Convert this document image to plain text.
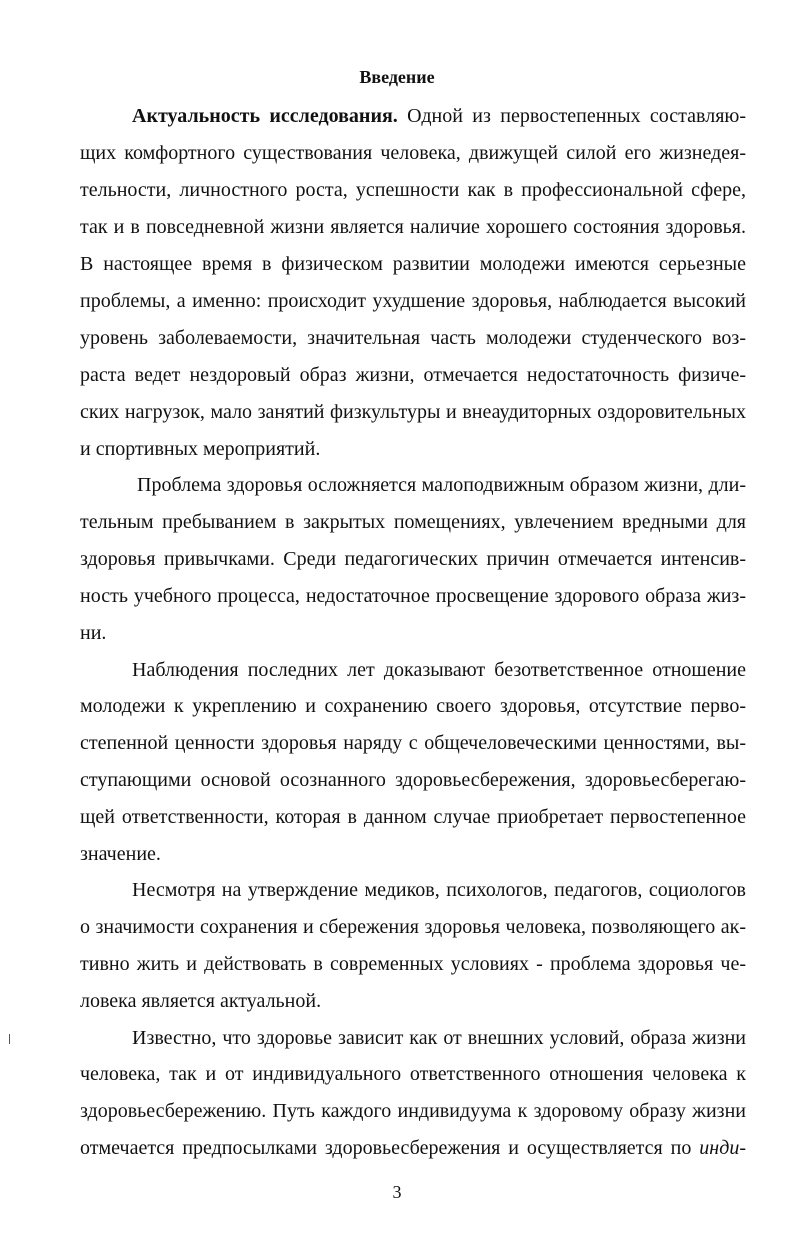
Введение
Актуальность исследования. Одной из первостепенных составляю-
щих комфортного существования человека, движущей силой его жизнедея-
тельности, личностного роста, успешности как в профессиональной сфере,
так и в повседневной жизни является наличие хорошего состояния здоровья.
В настоящее время в физическом развитии молодежи имеются серьезные
проблемы, а именно: происходит ухудшение здоровья, наблюдается высокий
уровень заболеваемости, значительная часть молодежи студенческого воз-
раста ведет нездоровый образ жизни, отмечается недостаточность физиче-
ских нагрузок, мало занятий физкультуры и внеаудиторных оздоровительных
и спортивных мероприятий.
Проблема здоровья осложняется малоподвижным образом жизни, дли-
тельным пребыванием в закрытых помещениях, увлечением вредными для
здоровья привычками. Среди педагогических причин отмечается интенсив-
ность учебного процесса, недостаточное просвещение здорового образа жиз-
ни.
Наблюдения последних лет доказывают безответственное отношение
молодежи к укреплению и сохранению своего здоровья, отсутствие перво-
степенной ценности здоровья наряду с общечеловеческими ценностями, вы-
ступающими основой осознанного здоровьесбережения, здоровьесберегаю-
щей ответственности, которая в данном случае приобретает первостепенное
значение.
Несмотря на утверждение медиков, психологов, педагогов, социологов
о значимости сохранения и сбережения здоровья человека, позволяющего ак-
тивно жить и действовать в современных условиях - проблема здоровья че-
ловека является актуальной.
Известно, что здоровье зависит как от внешних условий, образа жизни
человека, так и от индивидуального ответственного отношения человека к
здоровьесбережению. Путь каждого индивидуума к здоровому образу жизни
отмечается предпосылками здоровьесбережения и осуществляется по инди-
3
